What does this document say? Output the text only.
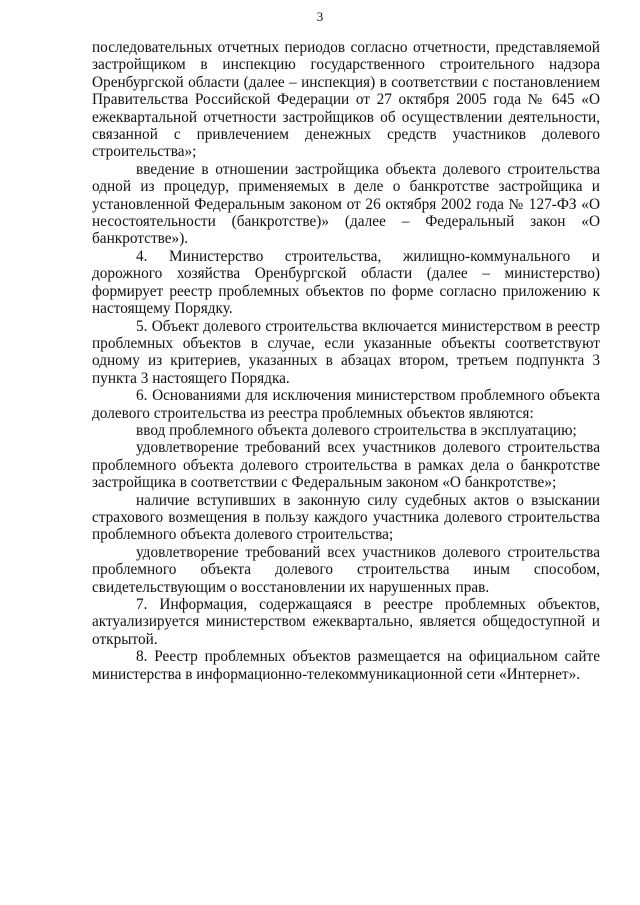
3

последовательных отчетных периодов согласно отчетности, представляемой застройщиком в инспекцию государственного строительного надзора Оренбургской области (далее – инспекция) в соответствии с постановлением Правительства Российской Федерации от 27 октября 2005 года № 645 «О ежеквартальной отчетности застройщиков об осуществлении деятельности, связанной с привлечением денежных средств участников долевого строительства»;

введение в отношении застройщика объекта долевого строительства одной из процедур, применяемых в деле о банкротстве застройщика и установленной Федеральным законом от 26 октября 2002 года № 127-ФЗ «О несостоятельности (банкротстве)» (далее – Федеральный закон «О банкротстве»).

4. Министерство строительства, жилищно-коммунального и дорожного хозяйства Оренбургской области (далее – министерство) формирует реестр проблемных объектов по форме согласно приложению к настоящему Порядку.

5. Объект долевого строительства включается министерством в реестр проблемных объектов в случае, если указанные объекты соответствуют одному из критериев, указанных в абзацах втором, третьем подпункта 3 пункта 3 настоящего Порядка.

6. Основаниями для исключения министерством проблемного объекта долевого строительства из реестра проблемных объектов являются:

ввод проблемного объекта долевого строительства в эксплуатацию;

удовлетворение требований всех участников долевого строительства проблемного объекта долевого строительства в рамках дела о банкротстве застройщика в соответствии с Федеральным законом «О банкротстве»;

наличие вступивших в законную силу судебных актов о взыскании страхового возмещения в пользу каждого участника долевого строительства проблемного объекта долевого строительства;

удовлетворение требований всех участников долевого строительства проблемного объекта долевого строительства иным способом, свидетельствующим о восстановлении их нарушенных прав.

7. Информация, содержащаяся в реестре проблемных объектов, актуализируется министерством ежеквартально, является общедоступной и открытой.

8. Реестр проблемных объектов размещается на официальном сайте министерства в информационно-телекоммуникационной сети «Интернет».
